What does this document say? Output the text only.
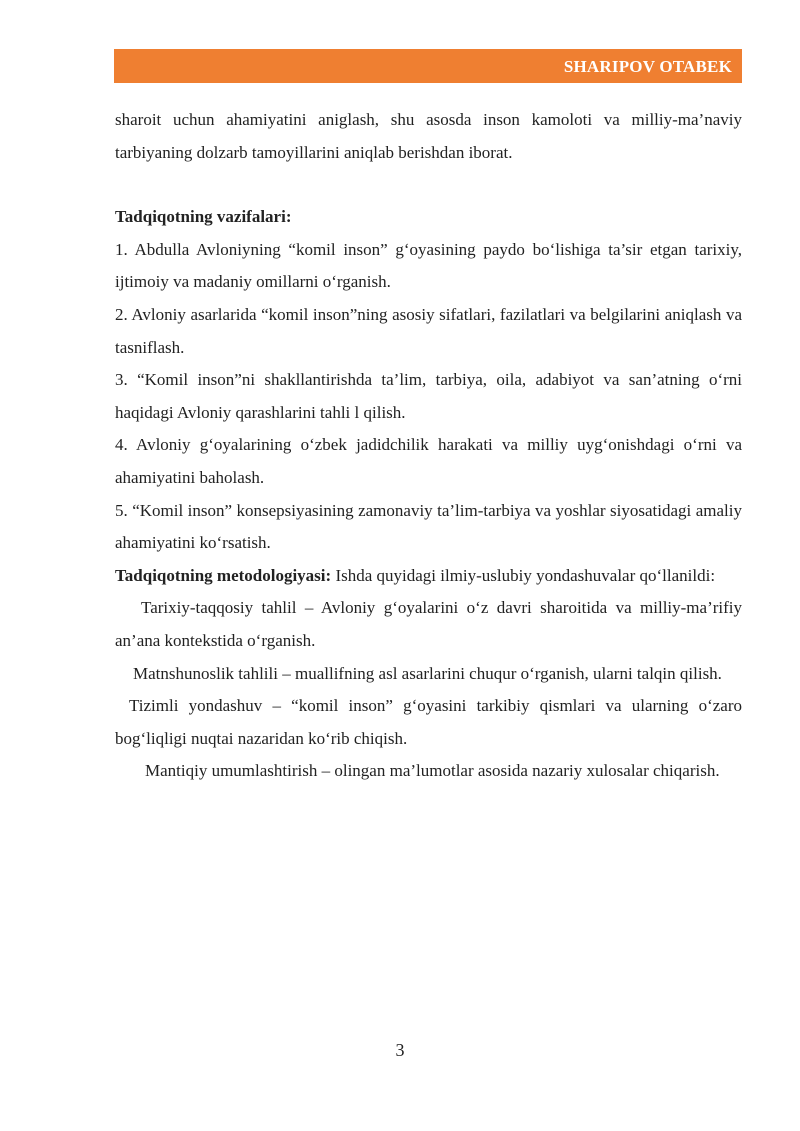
SHARIPOV OTABEK

sharoit uchun ahamiyatini aniglash, shu asosda inson kamoloti va milliy-ma’naviy tarbiyaning dolzarb tamoyillarini aniqlab berishdan iborat.

Tadqiqotning vazifalari:

1. Abdulla Avloniyning “komil inson” g‘oyasining paydo bo‘lishiga ta’sir etgan tarixiy, ijtimoiy va madaniy omillarni o‘rganish.

2. Avloniy asarlarida “komil inson”ning asosiy sifatlari, fazilatlari va belgilarini aniqlash va tasniflash.

3. “Komil inson”ni shakllantirishda ta’lim, tarbiya, oila, adabiyot va san’atning o‘rni haqidagi Avloniy qarashlarini tahli l qilish.

4. Avloniy g‘oyalarining o‘zbek jadidchilik harakati va milliy uyg‘onishdagi o‘rni va ahamiyatini baholash.

5. “Komil inson” konsepsiyasining zamonaviy ta’lim-tarbiya va yoshlar siyosatidagi amaliy ahamiyatini ko‘rsatish.

Tadqiqotning metodologiyasi: Ishda quyidagi ilmiy-uslubiy yondashuvalar qo‘llanildi:

Tarixiy-taqqosiy tahlil – Avloniy g‘oyalarini o‘z davri sharoitida va milliy-ma’rifiy an’ana kontekstida o‘rganish.

Matnshunoslik tahlili – muallifning asl asarlarini chuqur o‘rganish, ularni talqin qilish.

Tizimli yondashuv – “komil inson” g‘oyasini tarkibiy qismlari va ularning o‘zaro bog‘liqligi nuqtai nazaridan ko‘rib chiqish.

Mantiqiy umumlashtirish – olingan ma’lumotlar asosida nazariy xulosalar chiqarish.

3
